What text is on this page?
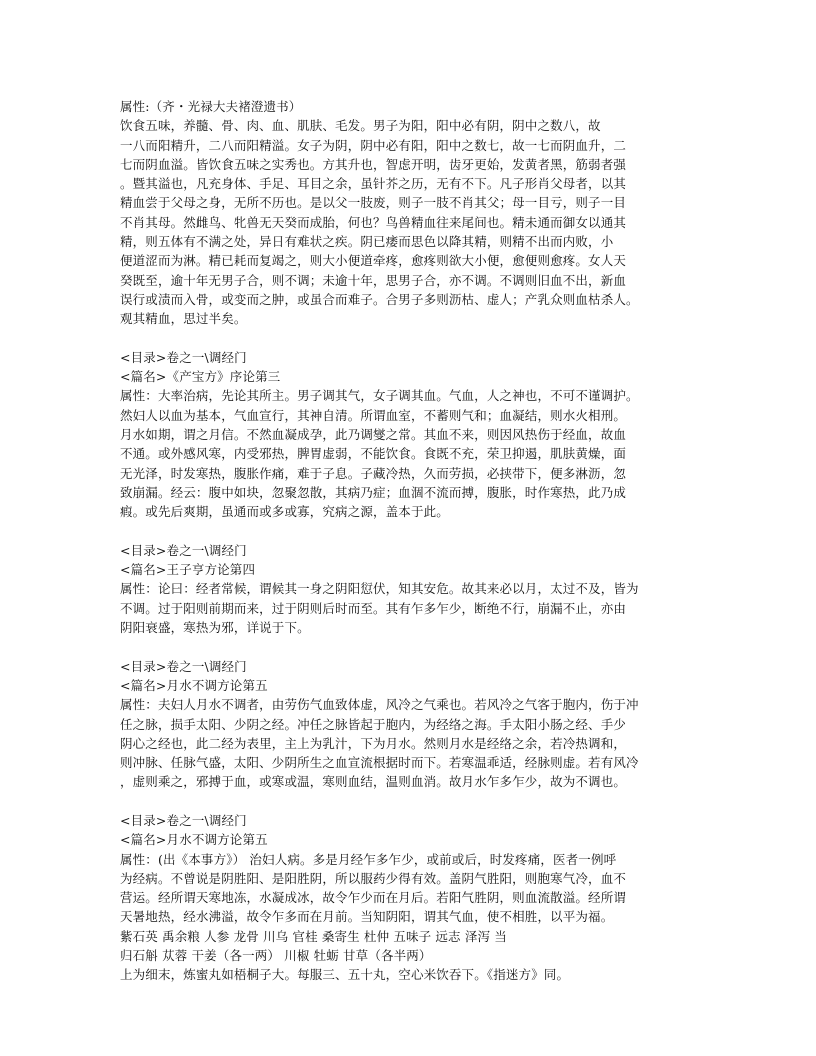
属性:（齐・光禄大夫褚澄遗书）
饮食五味，养髓、骨、肉、血、肌肤、毛发。男子为阳，阳中必有阴，阴中之数八，故
一八而阳精升，二八而阳精溢。女子为阴，阴中必有阳，阳中之数七，故一七而阴血升，二
七而阴血溢。皆饮食五味之实秀也。方其升也，智虑开明，齿牙更始，发黄者黑，筋弱者强
。暨其溢也，凡充身体、手足、耳目之余，虽针芥之历，无有不下。凡子形肖父母者，以其
精血尝于父母之身，无所不历也。是以父一肢废，则子一肢不肖其父；母一目亏，则子一目
不肖其母。然雌鸟、牝兽无天癸而成胎，何也？鸟兽精血往来尾间也。精未通而御女以通其
精，则五体有不满之处，异日有难状之疾。阴已痿而思色以降其精，则精不出而内败，小
便道涩而为淋。精已耗而复竭之，则大小便道牵疼，愈疼则欲大小便，愈便则愈疼。女人天
癸既至，逾十年无男子合，则不调；未逾十年，思男子合，亦不调。不调则旧血不出，新血
误行或渍而入骨，或变而之肿，或虽合而难子。合男子多则沥枯、虚人；产乳众则血枯杀人。
观其精血，思过半矣。
<目录>卷之一\调经门
<篇名>《产宝方》序论第三
属性：大率治病，先论其所主。男子调其气，女子调其血。气血，人之神也，不可不谨调护。
然妇人以血为基本，气血宣行，其神自清。所谓血室，不蓄则气和；血凝结，则水火相刑。
月水如期，谓之月信。不然血凝成孕，此乃调燮之常。其血不来，则因风热伤于经血，故血
不通。或外感风寒，内受邪热，脾胃虚弱，不能饮食。食既不充，荣卫抑遏，肌肤黄燥，面
无光泽，时发寒热，腹胀作痛，难于子息。子藏冷热，久而劳损，必挟带下，便多淋沥，忽
致崩漏。经云：腹中如块，忽聚忽散，其病乃症；血涸不流而搏，腹胀，时作寒热，此乃成
瘕。或先后爽期，虽通而或多或寡，究病之源，盖本于此。
<目录>卷之一\调经门
<篇名>王子亨方论第四
属性：论曰：经者常候，谓候其一身之阴阳愆伏，知其安危。故其来必以月，太过不及，皆为
不调。过于阳则前期而来，过于阴则后时而至。其有乍多乍少，断绝不行，崩漏不止，亦由
阴阳衰盛，寒热为邪，详说于下。
<目录>卷之一\调经门
<篇名>月水不调方论第五
属性：夫妇人月水不调者，由劳伤气血致体虚，风冷之气乘也。若风冷之气客于胞内，伤于冲
任之脉，损手太阳、少阴之经。冲任之脉皆起于胞内，为经络之海。手太阳小肠之经、手少
阴心之经也，此二经为表里，主上为乳汁，下为月水。然则月水是经络之余，若冷热调和，
则冲脉、任脉气盛，太阳、少阴所生之血宣流根据时而下。若寒温乖适，经脉则虚。若有风冷
，虚则乘之，邪搏于血，或寒或温，寒则血结，温则血消。故月水乍多乍少，故为不调也。
<目录>卷之一\调经门
<篇名>月水不调方论第五
属性：(出《本事方》） 治妇人病。多是月经乍多乍少，或前或后，时发疼痛，医者一例呼
为经病。不曾说是阴胜阳、是阳胜阴，所以服药少得有效。盖阴气胜阳，则胞寒气冷，血不
营运。经所谓天寒地冻，水凝成冰，故令乍少而在月后。若阳气胜阴，则血流散溢。经所谓
天暑地热，经水沸溢，故令乍多而在月前。当知阴阳，谓其气血，使不相胜，以平为福。
紫石英 禹余粮 人参 龙骨 川乌 官桂 桑寄生 杜仲 五味子 远志 泽泻 当
归石斛 苁蓉 干姜（各一两） 川椒 牡蛎 甘草（各半两）
上为细末，炼蜜丸如梧桐子大。每服三、五十丸，空心米饮吞下。《指迷方》同。
